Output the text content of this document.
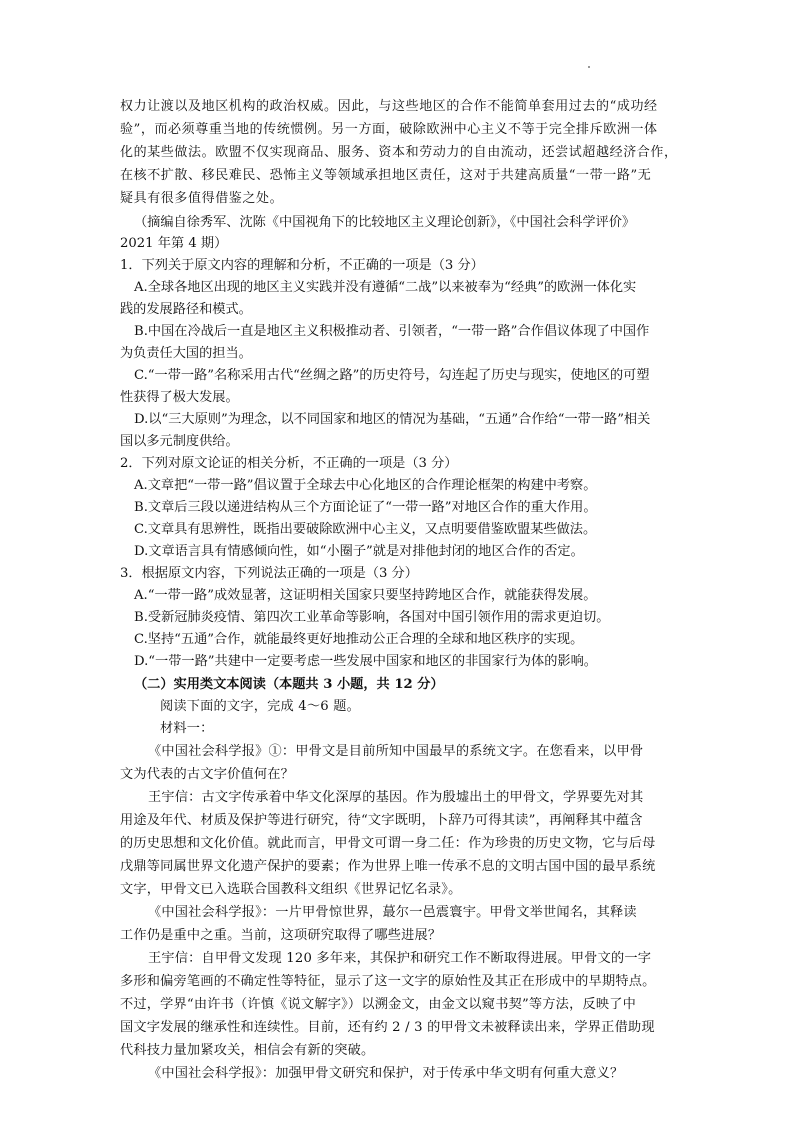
权力让渡以及地区机构的政治权威。因此，与这些地区的合作不能简单套用过去的“成功经
验”，而必须尊重当地的传统惯例。另一方面，破除欧洲中心主义不等于完全排斥欧洲一体
化的某些做法。欧盟不仅实现商品、服务、资本和劳动力的自由流动，还尝试超越经济合作，
在核不扩散、移民难民、恐怖主义等领域承担地区责任，这对于共建高质量“一带一路”无
疑具有很多值得借鉴之处。
（摘编自徐秀军、沈陈《中国视角下的比较地区主义理论创新》，《中国社会科学评价》
2021 年第 4 期）
1．下列关于原文内容的理解和分析，不正确的一项是（3 分）
A.全球各地区出现的地区主义实践并没有遵循“二战”以来被奉为“经典”的欧洲一体化实
践的发展路径和模式。
B.中国在冷战后一直是地区主义积极推动者、引领者，“一带一路”合作倡议体现了中国作
为负责任大国的担当。
C.“一带一路”名称采用古代“丝绸之路”的历史符号，勾连起了历史与现实，使地区的可塑
性获得了极大发展。
D.以“三大原则”为理念，以不同国家和地区的情况为基础，“五通”合作给“一带一路”相关
国以多元制度供给。
2．下列对原文论证的相关分析，不正确的一项是（3 分）
A.文章把“一带一路”倡议置于全球去中心化地区的合作理论框架的构建中考察。
B.文章后三段以递进结构从三个方面论证了“一带一路”对地区合作的重大作用。
C.文章具有思辨性，既指出要破除欧洲中心主义，又点明要借鉴欧盟某些做法。
D.文章语言具有情感倾向性，如“小圈子”就是对排他封闭的地区合作的否定。
3．根据原文内容，下列说法正确的一项是（3 分）
A.“一带一路”成效显著，这证明相关国家只要坚持跨地区合作，就能获得发展。
B.受新冠肺炎疫情、第四次工业革命等影响，各国对中国引领作用的需求更迫切。
C.坚持“五通”合作，就能最终更好地推动公正合理的全球和地区秩序的实现。
D.“一带一路”共建中一定要考虑一些发展中国家和地区的非国家行为体的影响。
（二）实用类文本阅读（本题共 3 小题，共 12 分）
阅读下面的文字，完成 4～6 题。
材料一：
《中国社会科学报》①：甲骨文是目前所知中国最早的系统文字。在您看来，以甲骨
文为代表的古文字价值何在？
王宇信：古文字传承着中华文化深厚的基因。作为殷墟出土的甲骨文，学界要先对其
用途及年代、材质及保护等进行研究，待“文字既明，卜辞乃可得其读”，再阐释其中蕴含
的历史思想和文化价值。就此而言，甲骨文可谓一身二任：作为珍贵的历史文物，它与后母
戊鼎等同属世界文化遗产保护的要素；作为世界上唯一传承不息的文明古国中国的最早系统
文字，甲骨文已入选联合国教科文组织《世界记忆名录》。
《中国社会科学报》：一片甲骨惊世界，蕞尔一邑震寰宇。甲骨文举世闻名，其释读
工作仍是重中之重。当前，这项研究取得了哪些进展？
王宇信：自甲骨文发现 120 多年来，其保护和研究工作不断取得进展。甲骨文的一字
多形和偏旁笔画的不确定性等特征，显示了这一文字的原始性及其正在形成中的早期特点。
不过，学界“由许书（许慎《说文解字》）以溯金文，由金文以窥书契”等方法，反映了中
国文字发展的继承性和连续性。目前，还有约 2 / 3 的甲骨文未被释读出来，学界正借助现
代科技力量加紧攻关，相信会有新的突破。
《中国社会科学报》：加强甲骨文研究和保护，对于传承中华文明有何重大意义？
